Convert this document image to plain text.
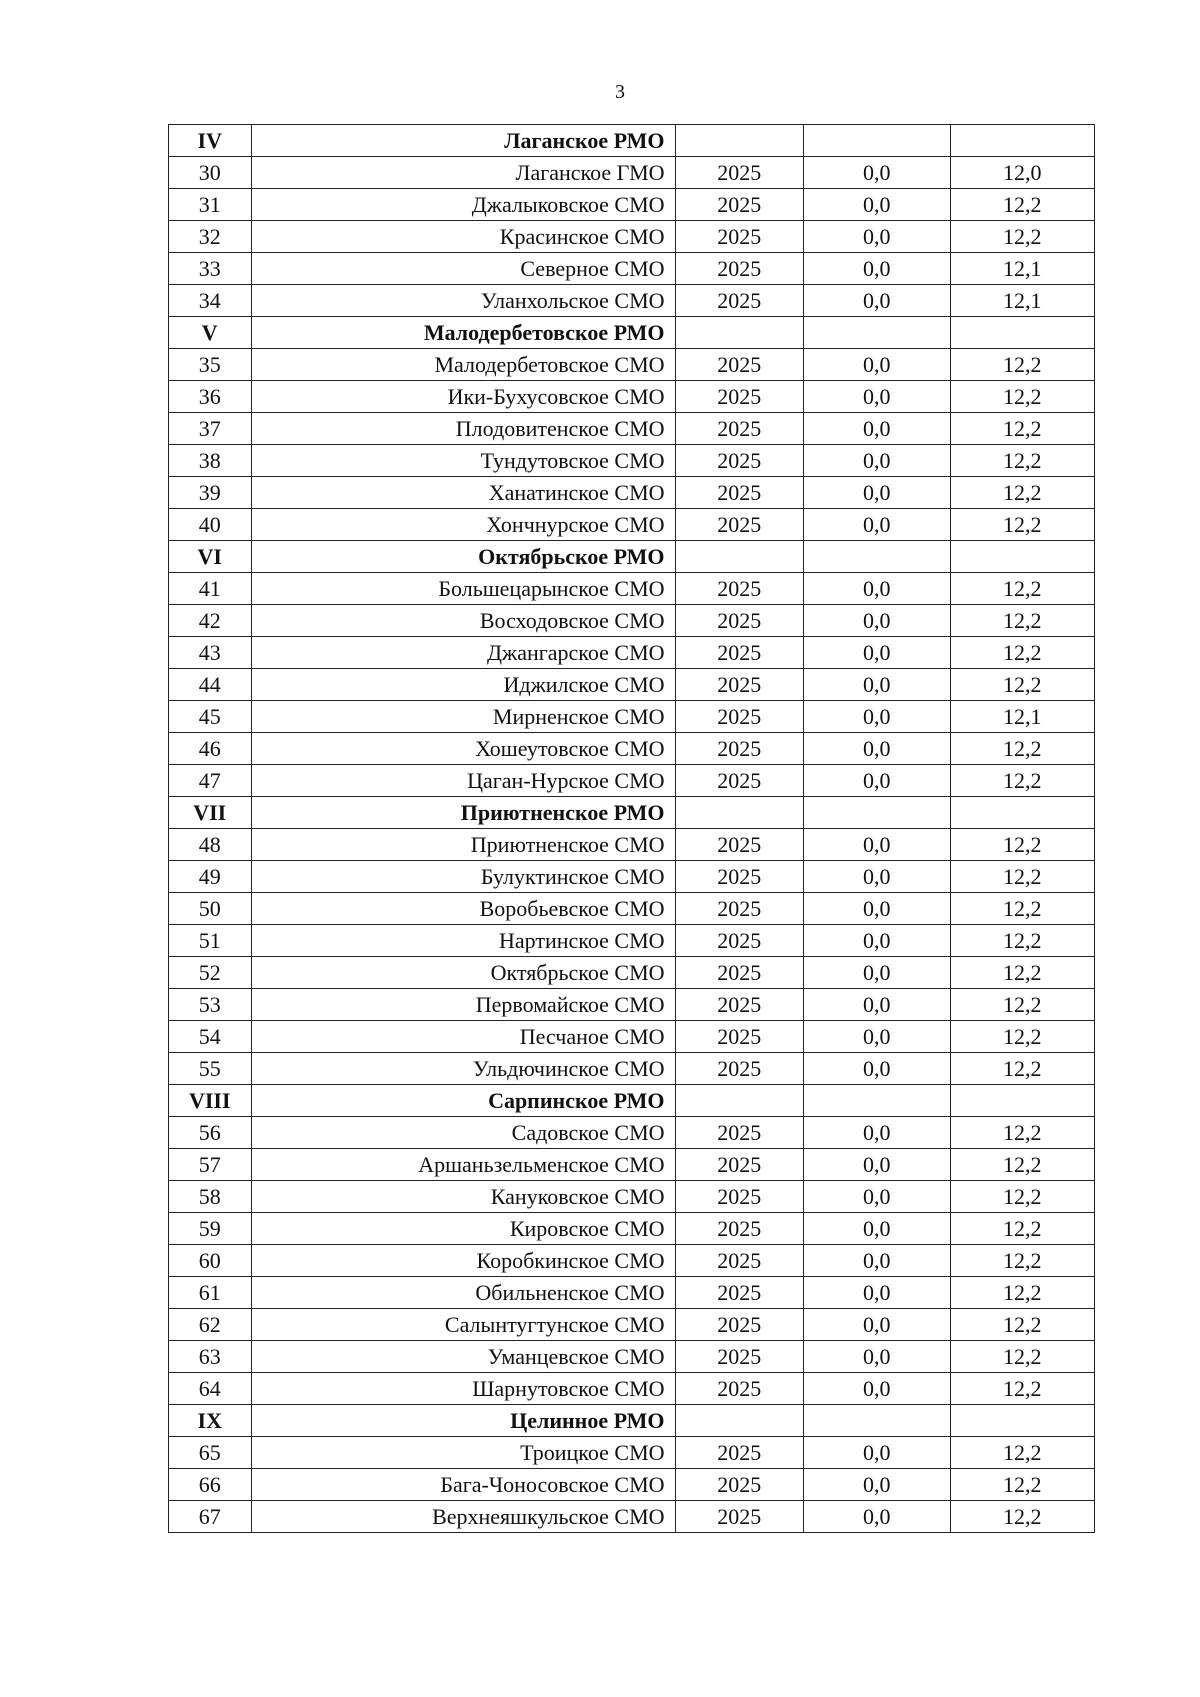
3
IV	Лаганское РМО			
30	Лаганское ГМО	2025	0,0	12,0
31	Джалыковское СМО	2025	0,0	12,2
32	Красинское СМО	2025	0,0	12,2
33	Северное СМО	2025	0,0	12,1
34	Уланхольское СМО	2025	0,0	12,1
V	Малодербетовское РМО			
35	Малодербетовское СМО	2025	0,0	12,2
36	Ики-Бухусовское СМО	2025	0,0	12,2
37	Плодовитенское СМО	2025	0,0	12,2
38	Тундутовское СМО	2025	0,0	12,2
39	Ханатинское СМО	2025	0,0	12,2
40	Хончнурское СМО	2025	0,0	12,2
VI	Октябрьское РМО			
41	Большецарынское СМО	2025	0,0	12,2
42	Восходовское СМО	2025	0,0	12,2
43	Джангарское СМО	2025	0,0	12,2
44	Иджилское СМО	2025	0,0	12,2
45	Мирненское СМО	2025	0,0	12,1
46	Хошеутовское СМО	2025	0,0	12,2
47	Цаган-Нурское СМО	2025	0,0	12,2
VII	Приютненское РМО			
48	Приютненское СМО	2025	0,0	12,2
49	Булуктинское СМО	2025	0,0	12,2
50	Воробьевское СМО	2025	0,0	12,2
51	Нартинское СМО	2025	0,0	12,2
52	Октябрьское СМО	2025	0,0	12,2
53	Первомайское СМО	2025	0,0	12,2
54	Песчаное СМО	2025	0,0	12,2
55	Ульдючинское СМО	2025	0,0	12,2
VIII	Сарпинское РМО			
56	Садовское СМО	2025	0,0	12,2
57	Аршаньзельменское СМО	2025	0,0	12,2
58	Кануковское СМО	2025	0,0	12,2
59	Кировское СМО	2025	0,0	12,2
60	Коробкинское СМО	2025	0,0	12,2
61	Обильненское СМО	2025	0,0	12,2
62	Салынтугтунское СМО	2025	0,0	12,2
63	Уманцевское СМО	2025	0,0	12,2
64	Шарнутовское СМО	2025	0,0	12,2
IX	Целинное РМО			
65	Троицкое СМО	2025	0,0	12,2
66	Бага-Чоносовское СМО	2025	0,0	12,2
67	Верхнеяшкульское СМО	2025	0,0	12,2
